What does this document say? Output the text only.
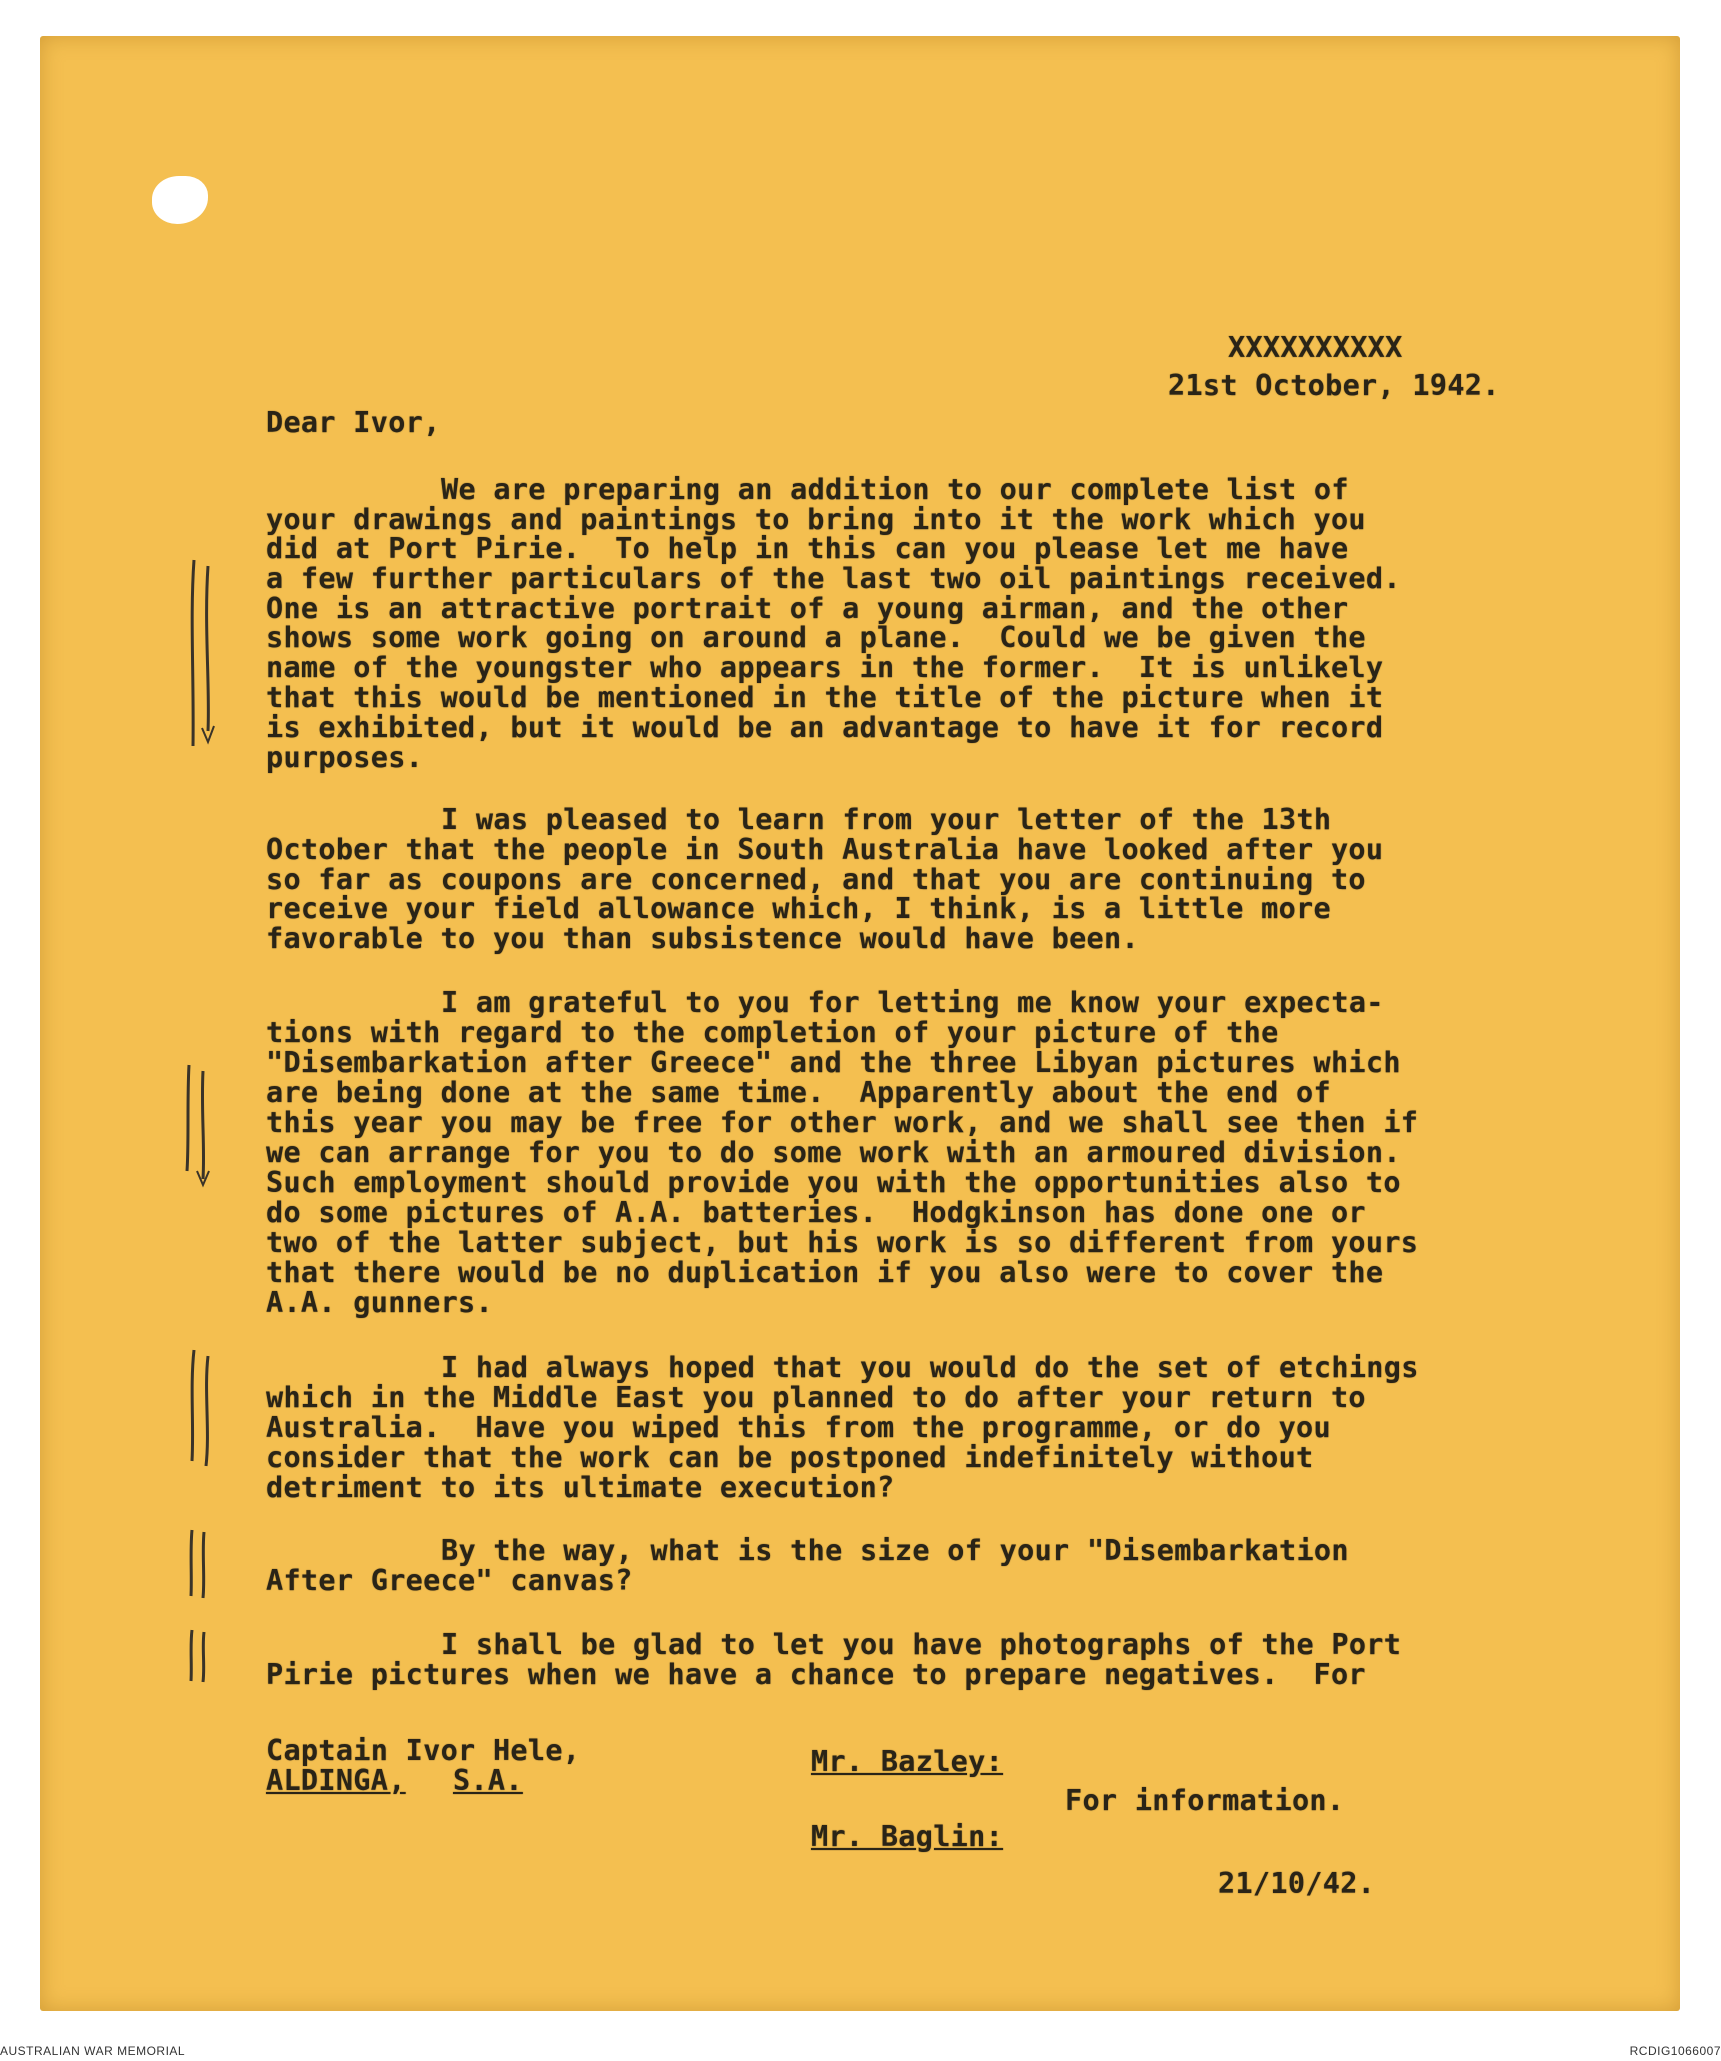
XXXXXXXXXX
21st October, 1942.
Dear Ivor,
We are preparing an addition to our complete list of
your drawings and paintings to bring into it the work which you
did at Port Pirie.  To help in this can you please let me have
a few further particulars of the last two oil paintings received.
One is an attractive portrait of a young airman, and the other
shows some work going on around a plane.  Could we be given the
name of the youngster who appears in the former.  It is unlikely
that this would be mentioned in the title of the picture when it
is exhibited, but it would be an advantage to have it for record
purposes.
I was pleased to learn from your letter of the 13th
October that the people in South Australia have looked after you
so far as coupons are concerned, and that you are continuing to
receive your field allowance which, I think, is a little more
favorable to you than subsistence would have been.
I am grateful to you for letting me know your expecta-
tions with regard to the completion of your picture of the
"Disembarkation after Greece" and the three Libyan pictures which
are being done at the same time.  Apparently about the end of
this year you may be free for other work, and we shall see then if
we can arrange for you to do some work with an armoured division.
Such employment should provide you with the opportunities also to
do some pictures of A.A. batteries.  Hodgkinson has done one or
two of the latter subject, but his work is so different from yours
that there would be no duplication if you also were to cover the
A.A. gunners.
I had always hoped that you would do the set of etchings
which in the Middle East you planned to do after your return to
Australia.  Have you wiped this from the programme, or do you
consider that the work can be postponed indefinitely without
detriment to its ultimate execution?
By the way, what is the size of your "Disembarkation
After Greece" canvas?
I shall be glad to let you have photographs of the Port
Pirie pictures when we have a chance to prepare negatives.  For
Captain Ivor Hele,
ALDINGA, S.A.
Mr. Bazley:
For information.
Mr. Baglin:
21/10/42.
AUSTRALIAN WAR MEMORIAL	RCDIG1066007
